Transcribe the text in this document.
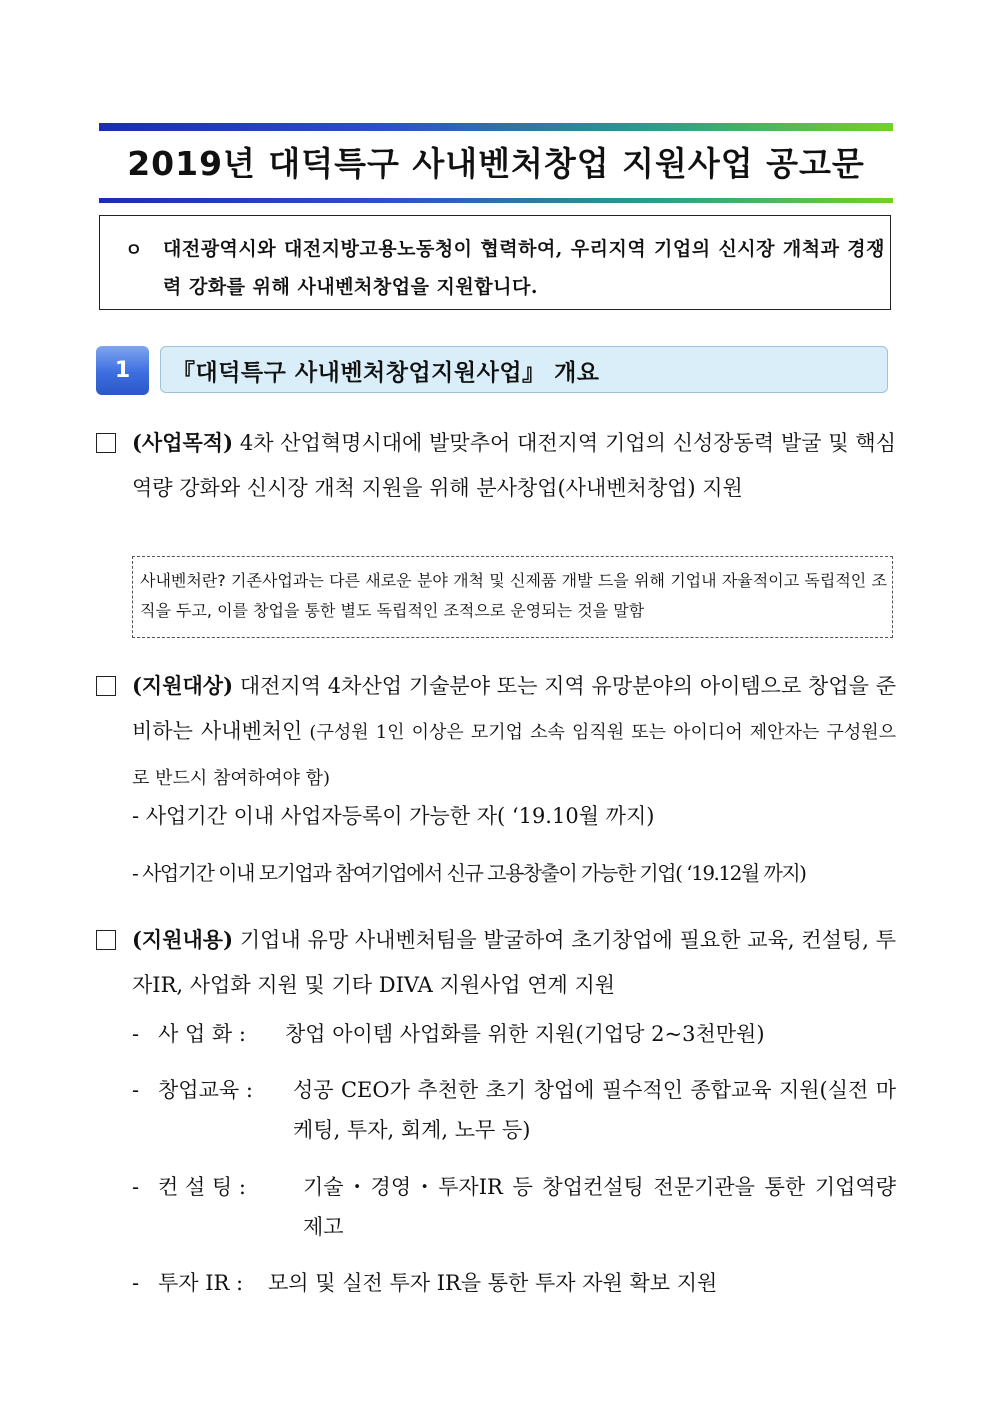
2019년 대덕특구 사내벤처창업 지원사업 공고문
ㅇ 대전광역시와 대전지방고용노동청이 협력하여, 우리지역 기업의 신시장 개척과 경쟁력 강화를 위해 사내벤처창업을 지원합니다.
1	『대덕특구 사내벤처창업지원사업』 개요
(사업목적) 4차 산업혁명시대에 발맞추어 대전지역 기업의 신성장동력 발굴 및 핵심역량 강화와 신시장 개척 지원을 위해 분사창업(사내벤처창업) 지원
사내벤처란? 기존사업과는 다른 새로운 분야 개척 및 신제품 개발 드을 위해 기업내 자율적이고 독립적인 조직을 두고, 이를 창업을 통한 별도 독립적인 조적으로 운영되는 것을 말함
(지원대상) 대전지역 4차산업 기술분야 또는 지역 유망분야의 아이템으로 창업을 준비하는 사내벤처인 (구성원 1인 이상은 모기업 소속 임직원 또는 아이디어 제안자는 구성원으로 반드시 참여하여야 함)
- 사업기간 이내 사업자등록이 가능한 자( ‘19.10월 까지)
- 사업기간 이내 모기업과 참여기업에서 신규 고용창출이 가능한 기업( ‘19.12월 까지)
(지원내용) 기업내 유망 사내벤처팀을 발굴하여 초기창업에 필요한 교육, 컨설팅, 투자IR, 사업화 지원 및 기타 DIVA 지원사업 연계 지원
- 사 업 화 : 창업 아이템 사업화를 위한 지원(기업당 2~3천만원)
- 창업교육 : 성공 CEO가 추천한 초기 창업에 필수적인 종합교육 지원(실전 마케팅, 투자, 회계, 노무 등)
- 컨 설 팅 :	기술・경영・투자IR 등 창업컨설팅 전문기관을 통한 기업역량 제고
- 투자 IR : 모의 및 실전 투자 IR을 통한 투자 자원 확보 지원
